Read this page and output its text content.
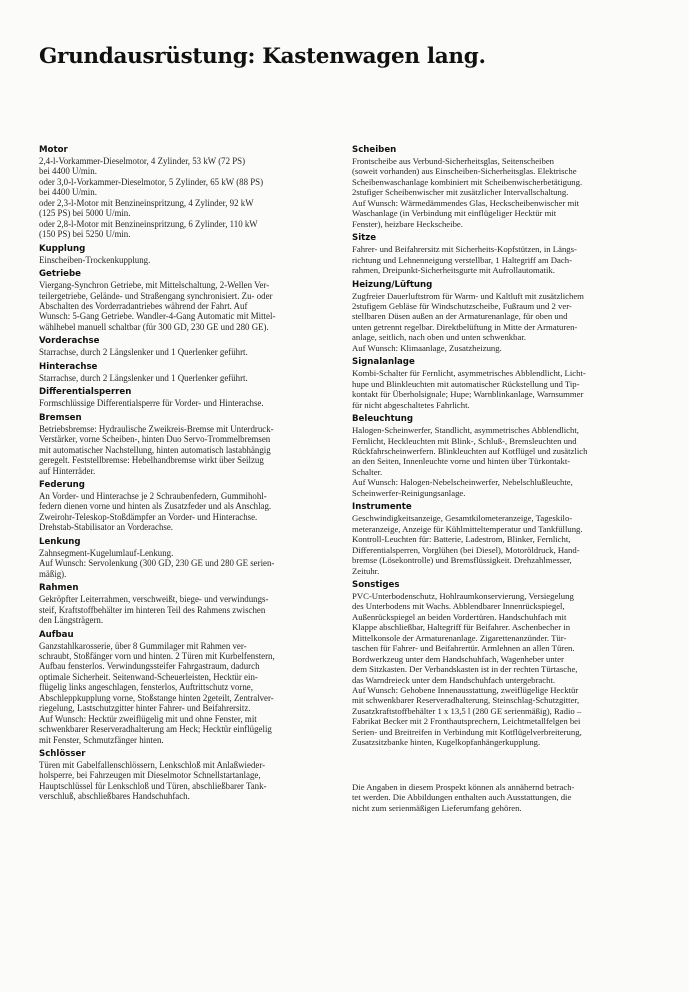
Grundausrüstung: Kastenwagen lang.
Motor

2,4-l-Vorkammer-Dieselmotor, 4 Zylinder, 53 kW (72 PS)
bei 4400 U/min.
oder 3,0-l-Vorkammer-Dieselmotor, 5 Zylinder, 65 kW (88 PS)
bei 4400 U/min.
oder 2,3-l-Motor mit Benzineinspritzung, 4 Zylinder, 92 kW
(125 PS) bei 5000 U/min.
oder 2,8-l-Motor mit Benzineinspritzung, 6 Zylinder, 110 kW
(150 PS) bei 5250 U/min.

Kupplung

Einscheiben-Trockenkupplung.

Getriebe

Viergang-Synchron Getriebe, mit Mittelschaltung, 2-Wellen Ver-
teilergetriebe, Gelände- und Straßengang synchronisiert. Zu- oder
Abschalten des Vorderradantriebes während der Fahrt. Auf
Wunsch: 5-Gang Getriebe. Wandler-4-Gang Automatic mit Mittel-
wählhebel manuell schaltbar (für 300 GD, 230 GE und 280 GE).

Vorderachse

Starrachse, durch 2 Längslenker und 1 Querlenker geführt.

Hinterachse

Starrachse, durch 2 Längslenker und 1 Querlenker geführt.

Differentialsperren

Formschlüssige Differentialsperre für Vorder- und Hinterachse.

Bremsen

Betriebsbremse: Hydraulische Zweikreis-Bremse mit Unterdruck-
Verstärker, vorne Scheiben-, hinten Duo Servo-Trommelbremsen
mit automatischer Nachstellung, hinten automatisch lastabhängig
geregelt. Feststellbremse: Hebelhandbremse wirkt über Seilzug
auf Hinterräder.

Federung

An Vorder- und Hinterachse je 2 Schraubenfedern, Gummihohl-
federn dienen vorne und hinten als Zusatzfeder und als Anschlag.
Zweirohr-Teleskop-Stoßdämpfer an Vorder- und Hinterachse.
Drehstab-Stabilisator an Vorderachse.

Lenkung

Zahnsegment-Kugelumlauf-Lenkung.
Auf Wunsch: Servolenkung (300 GD, 230 GE und 280 GE serien-
mäßig).

Rahmen

Gekröpfter Leiterrahmen, verschweißt, biege- und verwindungs-
steif, Kraftstoffbehälter im hinteren Teil des Rahmens zwischen
den Längsträgern.

Aufbau

Ganzstahlkarosserie, über 8 Gummilager mit Rahmen ver-
schraubt, Stoßfänger vorn und hinten. 2 Türen mit Kurbelfenstern,
Aufbau fensterlos. Verwindungssteifer Fahrgastraum, dadurch
optimale Sicherheit. Seitenwand-Scheuerleisten, Hecktür ein-
flügelig links angeschlagen, fensterlos, Auftrittschutz vorne,
Abschleppkupplung vorne, Stoßstange hinten 2geteilt, Zentralver-
riegelung, Lastschutzgitter hinter Fahrer- und Beifahrersitz.
Auf Wunsch: Hecktür zweiflügelig mit und ohne Fenster, mit
schwenkbarer Reserveradhalterung am Heck; Hecktür einflügelig
mit Fenster, Schmutzfänger hinten.

Schlösser

Türen mit Gabelfallenschlössern, Lenkschloß mit Anlaßwieder-
holsperre, bei Fahrzeugen mit Dieselmotor Schnellstartanlage,
Hauptschlüssel für Lenkschloß und Türen, abschließbarer Tank-
verschluß, abschließbares Handschuhfach.

Scheiben

Frontscheibe aus Verbund-Sicherheitsglas, Seitenscheiben
(soweit vorhanden) aus Einscheiben-Sicherheitsglas. Elektrische
Scheibenwaschanlage kombiniert mit Scheibenwischerbetätigung.
2stufiger Scheibenwischer mit zusätzlicher Intervallschaltung.
Auf Wunsch: Wärmedämmendes Glas, Heckscheibenwischer mit
Waschanlage (in Verbindung mit einflügeliger Hecktür mit
Fenster), heizbare Heckscheibe.

Sitze

Fahrer- und Beifahrersitz mit Sicherheits-Kopfstützen, in Längs-
richtung und Lehnenneigung verstellbar, 1 Haltegriff am Dach-
rahmen, Dreipunkt-Sicherheitsgurte mit Aufrollautomatik.

Heizung/Lüftung

Zugfreier Dauerluftstrom für Warm- und Kaltluft mit zusätzlichem
2stufigem Gebläse für Windschutzscheibe, Fußraum und 2 ver-
stellbaren Düsen außen an der Armaturenanlage, für oben und
unten getrennt regelbar. Direktbelüftung in Mitte der Armaturen-
anlage, seitlich, nach oben und unten schwenkbar.
Auf Wunsch: Klimaanlage, Zusatzheizung.

Signalanlage

Kombi-Schalter für Fernlicht, asymmetrisches Abblendlicht, Licht-
hupe und Blinkleuchten mit automatischer Rückstellung und Tip-
kontakt für Überholsignale; Hupe; Warnblinkanlage, Warnsummer
für nicht abgeschaltetes Fahrlicht.

Beleuchtung

Halogen-Scheinwerfer, Standlicht, asymmetrisches Abblendlicht,
Fernlicht, Heckleuchten mit Blink-, Schluß-, Bremsleuchten und
Rückfahrscheinwerfern. Blinkleuchten auf Kotflügel und zusätzlich
an den Seiten, Innenleuchte vorne und hinten über Türkontakt-
Schalter.
Auf Wunsch: Halogen-Nebelscheinwerfer, Nebelschlußleuchte,
Scheinwerfer-Reinigungsanlage.

Instrumente

Geschwindigkeitsanzeige, Gesamtkilometeranzeige, Tageskilo-
meteranzeige, Anzeige für Kühlmitteltemperatur und Tankfüllung.
Kontroll-Leuchten für: Batterie, Ladestrom, Blinker, Fernlicht,
Differentialsperren, Vorglühen (bei Diesel), Motoröldruck, Hand-
bremse (Lösekontrolle) und Bremsflüssigkeit. Drehzahlmesser,
Zeituhr.

Sonstiges

PVC-Unterbodenschutz, Hohlraumkonservierung, Versiegelung
des Unterbodens mit Wachs. Abblendbarer Innenrückspiegel,
Außenrückspiegel an beiden Vordertüren. Handschuhfach mit
Klappe abschließbar, Haltegriff für Beifahrer. Aschenbecher in
Mittelkonsole der Armaturenanlage. Zigarettenanzünder. Tür-
taschen für Fahrer- und Beifahrertür. Armlehnen an allen Türen.
Bordwerkzeug unter dem Handschuhfach, Wagenheber unter
dem Sitzkasten. Der Verbandskasten ist in der rechten Türtasche,
das Warndreieck unter dem Handschuhfach untergebracht.
Auf Wunsch: Gehobene Innenausstattung, zweiflügelige Hecktür
mit schwenkbarer Reserveradhalterung, Steinschlag-Schutzgitter,
Zusatzkraftstoffbehälter 1 x 13,5 l (280 GE serienmäßig), Radio –
Fabrikat Becker mit 2 Fronthautsprechern, Leichtmetallfelgen bei
Serien- und Breitreifen in Verbindung mit Kotflügelverbreiterung,
Zusatzsitzbanke hinten, Kugelkopfanhängerkupplung.

Die Angaben in diesem Prospekt können als annähernd betrach-
tet werden. Die Abbildungen enthalten auch Ausstattungen, die
nicht zum serienmäßigen Lieferumfang gehören.
